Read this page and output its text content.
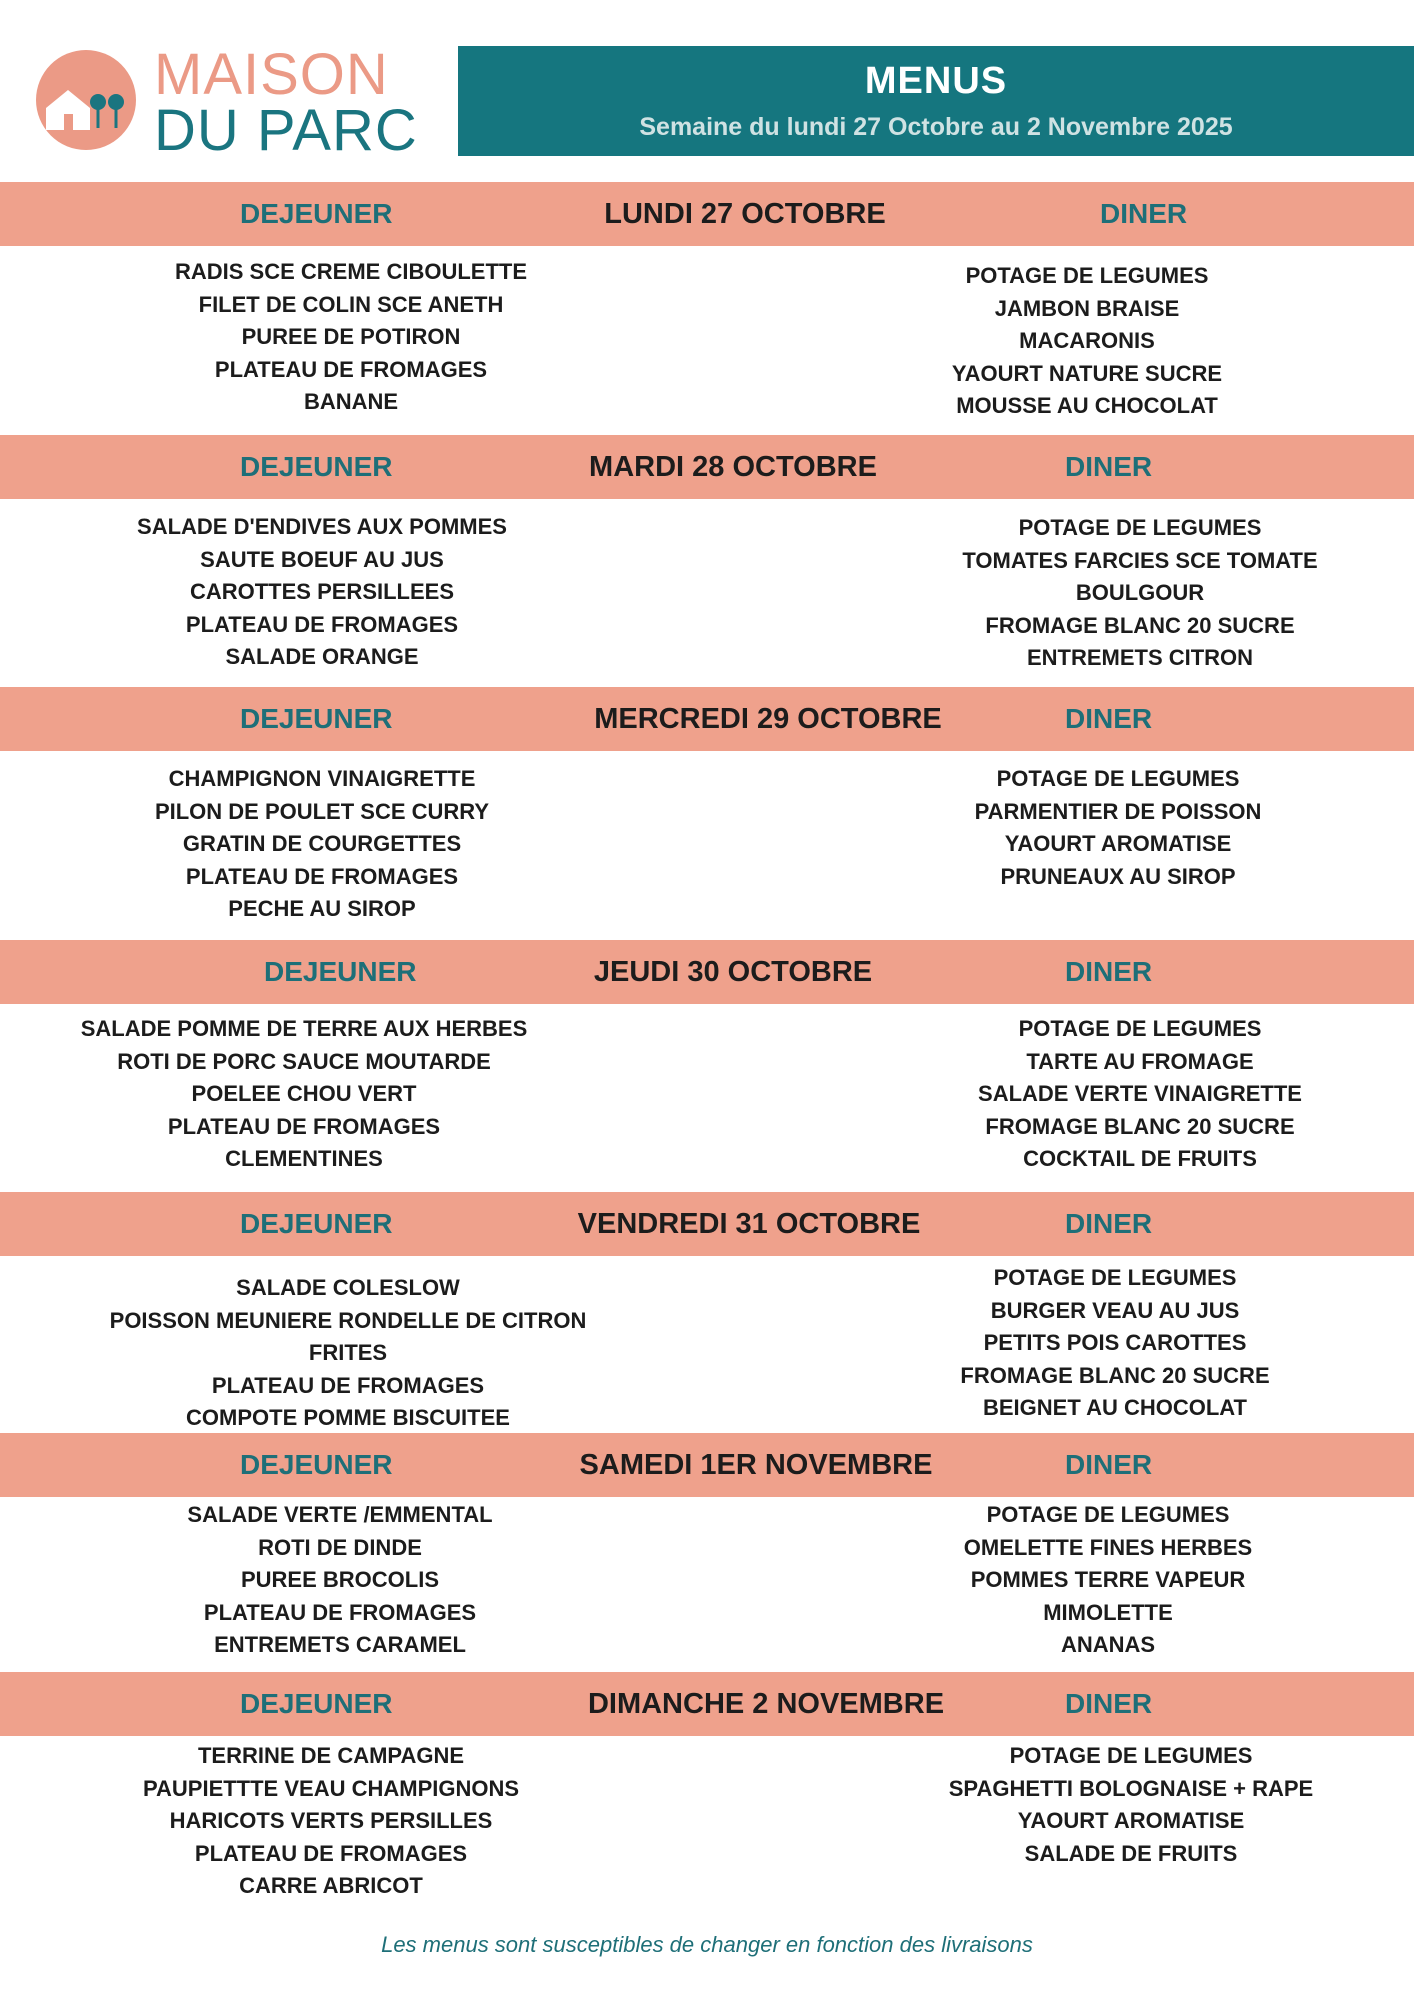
MAISON
DU PARC
MENUS
Semaine du lundi 27 Octobre au 2 Novembre 2025
DEJEUNER	LUNDI 27 OCTOBRE	DINER
RADIS SCE CREME CIBOULETTE
FILET DE COLIN SCE ANETH
PUREE DE POTIRON
PLATEAU DE FROMAGES
BANANE
POTAGE DE LEGUMES
JAMBON BRAISE
MACARONIS
YAOURT NATURE SUCRE
MOUSSE AU CHOCOLAT
DEJEUNER	MARDI 28 OCTOBRE	DINER
SALADE D'ENDIVES AUX POMMES
SAUTE BOEUF AU JUS
CAROTTES PERSILLEES
PLATEAU DE FROMAGES
SALADE ORANGE
POTAGE DE LEGUMES
TOMATES FARCIES SCE TOMATE
BOULGOUR
FROMAGE BLANC 20 SUCRE
ENTREMETS CITRON
DEJEUNER	MERCREDI 29 OCTOBRE	DINER
CHAMPIGNON VINAIGRETTE
PILON DE POULET SCE CURRY
GRATIN DE COURGETTES
PLATEAU DE FROMAGES
PECHE AU SIROP
POTAGE DE LEGUMES
PARMENTIER DE POISSON
YAOURT AROMATISE
PRUNEAUX AU SIROP
DEJEUNER	JEUDI 30 OCTOBRE	DINER
SALADE POMME DE TERRE AUX HERBES
ROTI DE PORC SAUCE MOUTARDE
POELEE CHOU VERT
PLATEAU DE FROMAGES
CLEMENTINES
POTAGE DE LEGUMES
TARTE AU FROMAGE
SALADE VERTE VINAIGRETTE
FROMAGE BLANC 20 SUCRE
COCKTAIL DE FRUITS
DEJEUNER	VENDREDI 31 OCTOBRE	DINER
SALADE COLESLOW
POISSON MEUNIERE RONDELLE DE CITRON
FRITES
PLATEAU DE FROMAGES
COMPOTE POMME BISCUITEE
POTAGE DE LEGUMES
BURGER VEAU AU JUS
PETITS POIS CAROTTES
FROMAGE BLANC 20 SUCRE
BEIGNET AU CHOCOLAT
DEJEUNER	SAMEDI 1ER NOVEMBRE	DINER
SALADE VERTE /EMMENTAL
ROTI DE DINDE
PUREE BROCOLIS
PLATEAU DE FROMAGES
ENTREMETS CARAMEL
POTAGE DE LEGUMES
OMELETTE FINES HERBES
POMMES TERRE VAPEUR
MIMOLETTE
ANANAS
DEJEUNER	DIMANCHE 2 NOVEMBRE	DINER
TERRINE DE CAMPAGNE
PAUPIETTTE VEAU CHAMPIGNONS
HARICOTS VERTS PERSILLES
PLATEAU DE FROMAGES
CARRE ABRICOT
POTAGE DE LEGUMES
SPAGHETTI BOLOGNAISE + RAPE
YAOURT AROMATISE
SALADE DE FRUITS
Les menus sont susceptibles de changer en fonction des livraisons
